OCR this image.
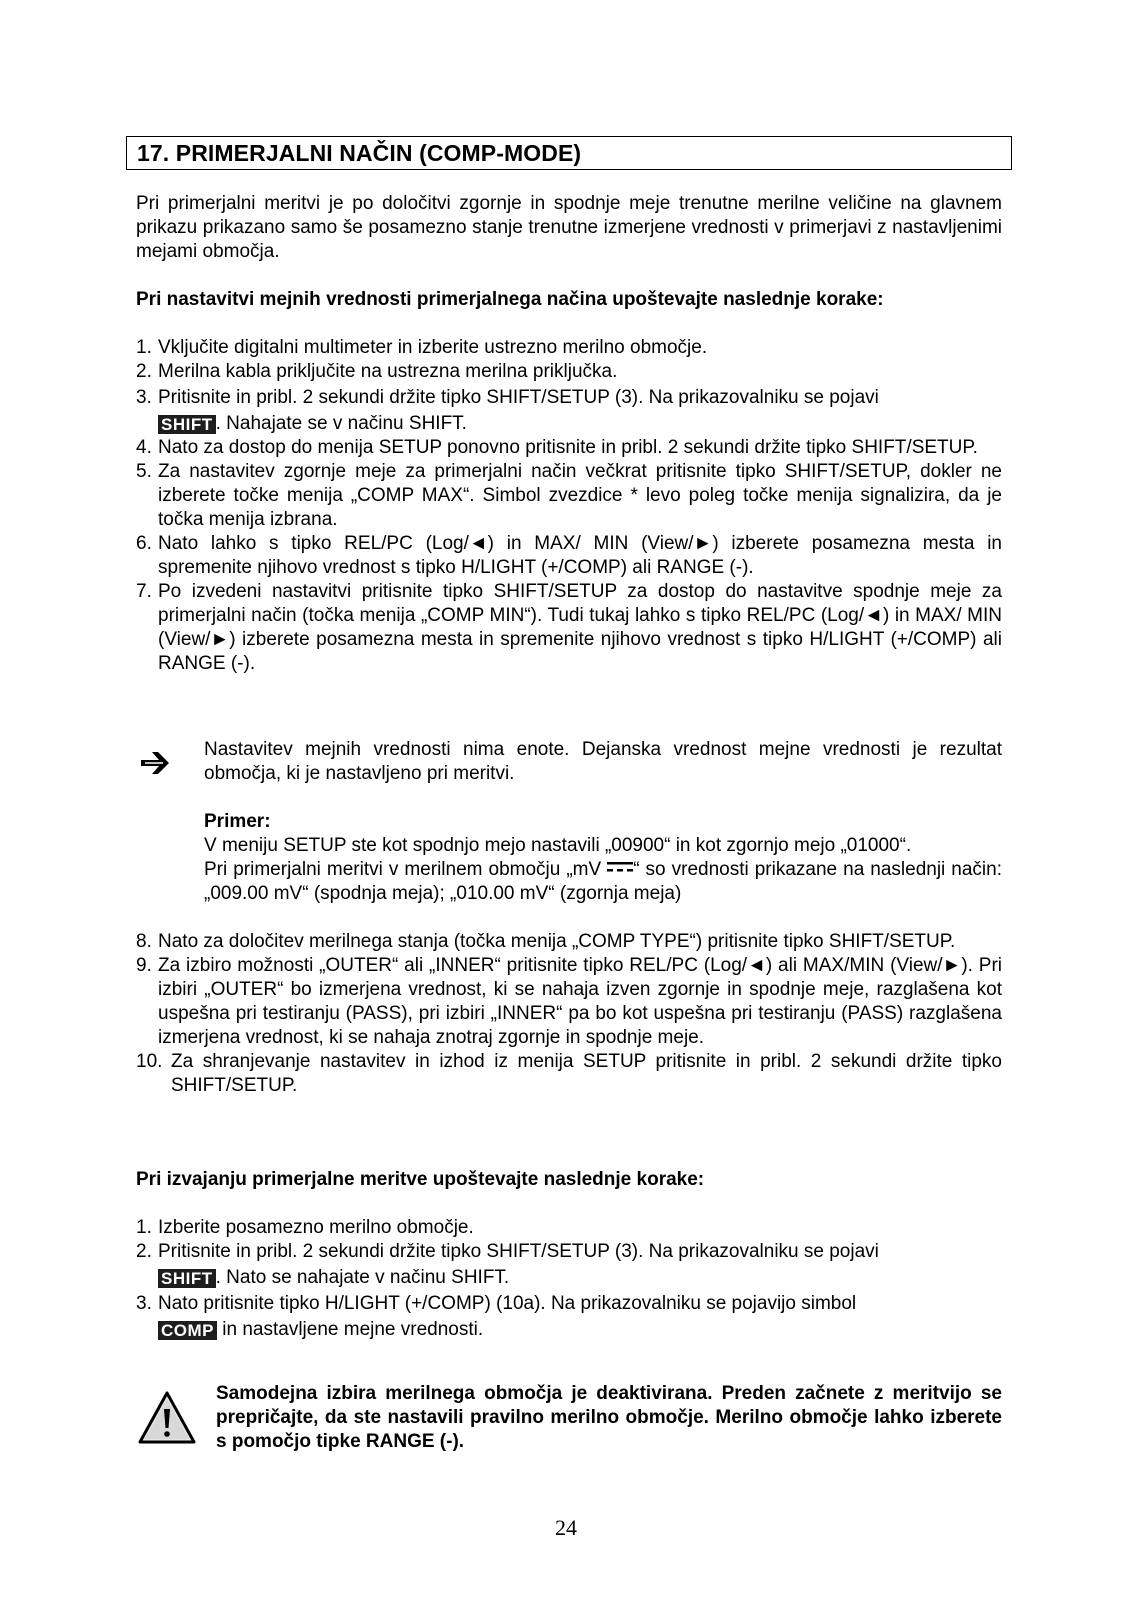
17. PRIMERJALNI NAČIN (COMP-MODE)
Pri primerjalni meritvi je po določitvi zgornje in spodnje meje trenutne merilne veličine na glavnem prikazu prikazano samo še posamezno stanje trenutne izmerjene vrednosti v primerjavi z nastavljenimi mejami območja.
Pri nastavitvi mejnih vrednosti primerjalnega načina upoštevajte naslednje korake:
1. Vključite digitalni multimeter in izberite ustrezno merilno območje.
2. Merilna kabla priključite na ustrezna merilna priključka.
3. Pritisnite in pribl. 2 sekundi držite tipko SHIFT/SETUP (3). Na prikazovalniku se pojavi
SHIFT . Nahajate se v načinu SHIFT.
4. Nato za dostop do menija SETUP ponovno pritisnite in pribl. 2 sekundi držite tipko SHIFT/SETUP.
5. Za nastavitev zgornje meje za primerjalni način večkrat pritisnite tipko SHIFT/SETUP, dokler ne izberete točke menija „COMP MAX“. Simbol zvezdice * levo poleg točke menija signalizira, da je točka menija izbrana.
6. Nato lahko s tipko REL/PC (Log/◄) in MAX/ MIN (View/►) izberete posamezna mesta in spremenite njihovo vrednost s tipko H/LIGHT (+/COMP) ali RANGE (-).
7. Po izvedeni nastavitvi pritisnite tipko SHIFT/SETUP za dostop do nastavitve spodnje meje za primerjalni način (točka menija „COMP MIN“). Tudi tukaj lahko s tipko REL/PC (Log/◄) in MAX/ MIN (View/►) izberete posamezna mesta in spremenite njihovo vrednost s tipko H/LIGHT (+/COMP) ali RANGE (-).
Nastavitev mejnih vrednosti nima enote. Dejanska vrednost mejne vrednosti je rezultat območja, ki je nastavljeno pri meritvi.
Primer:
V meniju SETUP ste kot spodnjo mejo nastavili „00900“ in kot zgornjo mejo „01000“.
Pri primerjalni meritvi v merilnem območju „mV “ so vrednosti prikazane na naslednji način: „009.00 mV“ (spodnja meja); „010.00 mV“ (zgornja meja)
8. Nato za določitev merilnega stanja (točka menija „COMP TYPE“) pritisnite tipko SHIFT/SETUP.
9. Za izbiro možnosti „OUTER“ ali „INNER“ pritisnite tipko REL/PC (Log/◄) ali MAX/MIN (View/►). Pri izbiri „OUTER“ bo izmerjena vrednost, ki se nahaja izven zgornje in spodnje meje, razglašena kot uspešna pri testiranju (PASS), pri izbiri „INNER“ pa bo kot uspešna pri testiranju (PASS) razglašena izmerjena vrednost, ki se nahaja znotraj zgornje in spodnje meje.
10. Za shranjevanje nastavitev in izhod iz menija SETUP pritisnite in pribl. 2 sekundi držite tipko SHIFT/SETUP.
Pri izvajanju primerjalne meritve upoštevajte naslednje korake:
1. Izberite posamezno merilno območje.
2. Pritisnite in pribl. 2 sekundi držite tipko SHIFT/SETUP (3). Na prikazovalniku se pojavi
SHIFT . Nato se nahajate v načinu SHIFT.
3. Nato pritisnite tipko H/LIGHT (+/COMP) (10a). Na prikazovalniku se pojavijo simbol
COMP in nastavljene mejne vrednosti.
Samodejna izbira merilnega območja je deaktivirana. Preden začnete z meritvijo se prepričajte, da ste nastavili pravilno merilno območje. Merilno območje lahko izberete s pomočjo tipke RANGE (-).
24
